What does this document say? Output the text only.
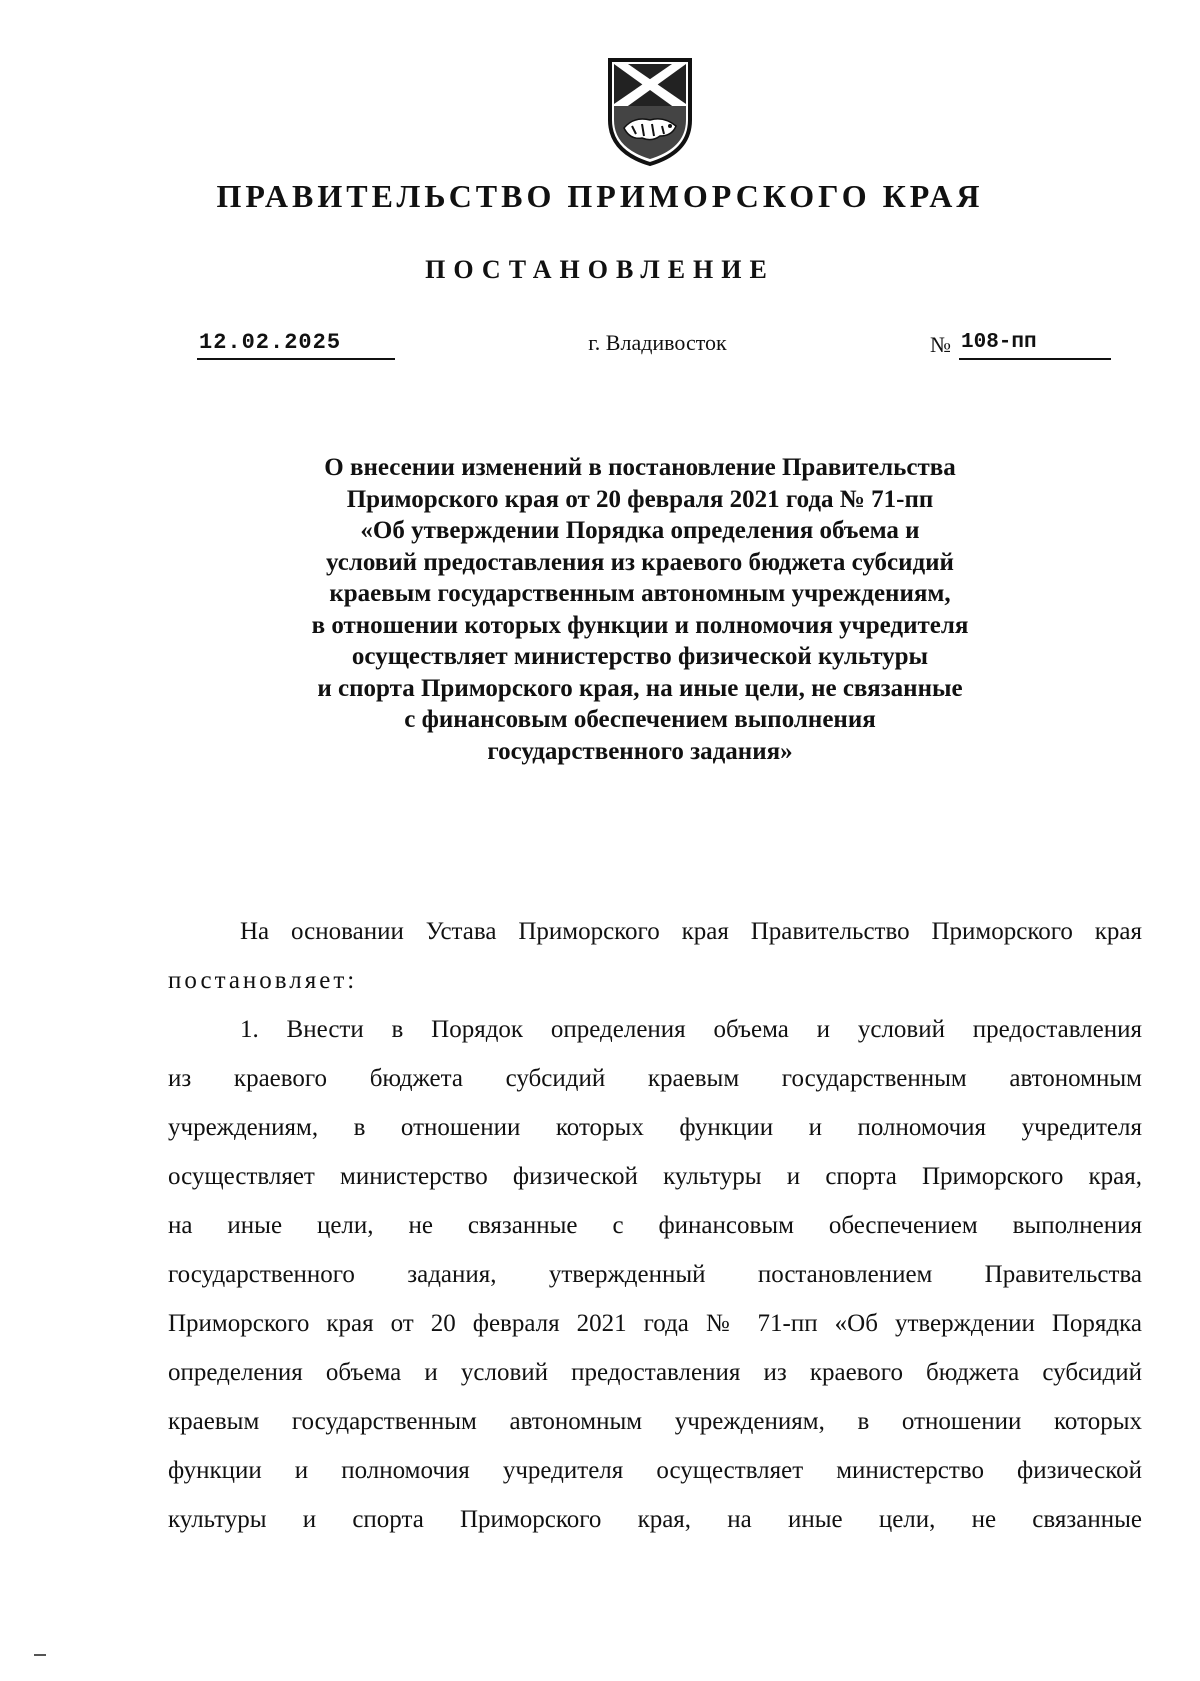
ПРАВИТЕЛЬСТВО ПРИМОРСКОГО КРАЯ
ПОСТАНОВЛЕНИЕ
12.02.2025	г. Владивосток	№ 108-пп
О внесении изменений в постановление Правительства
Приморского края от 20 февраля 2021 года № 71-пп
«Об утверждении Порядка определения объема и
условий предоставления из краевого бюджета субсидий
краевым государственным автономным учреждениям,
в отношении которых функции и полномочия учредителя
осуществляет министерство физической культуры
и спорта Приморского края, на иные цели, не связанные
с финансовым обеспечением выполнения
государственного задания»
На основании Устава Приморского края Правительство Приморского края
постановляет:
1. Внести в Порядок определения объема и условий предоставления
из краевого бюджета субсидий краевым государственным автономным
учреждениям, в отношении которых функции и полномочия учредителя
осуществляет министерство физической культуры и спорта Приморского края,
на иные цели, не связанные с финансовым обеспечением выполнения
государственного задания, утвержденный постановлением Правительства
Приморского края от 20 февраля 2021 года № 71-пп «Об утверждении Порядка
определения объема и условий предоставления из краевого бюджета субсидий
краевым государственным автономным учреждениям, в отношении которых
функции и полномочия учредителя осуществляет министерство физической
культуры и спорта Приморского края, на иные цели, не связанные
